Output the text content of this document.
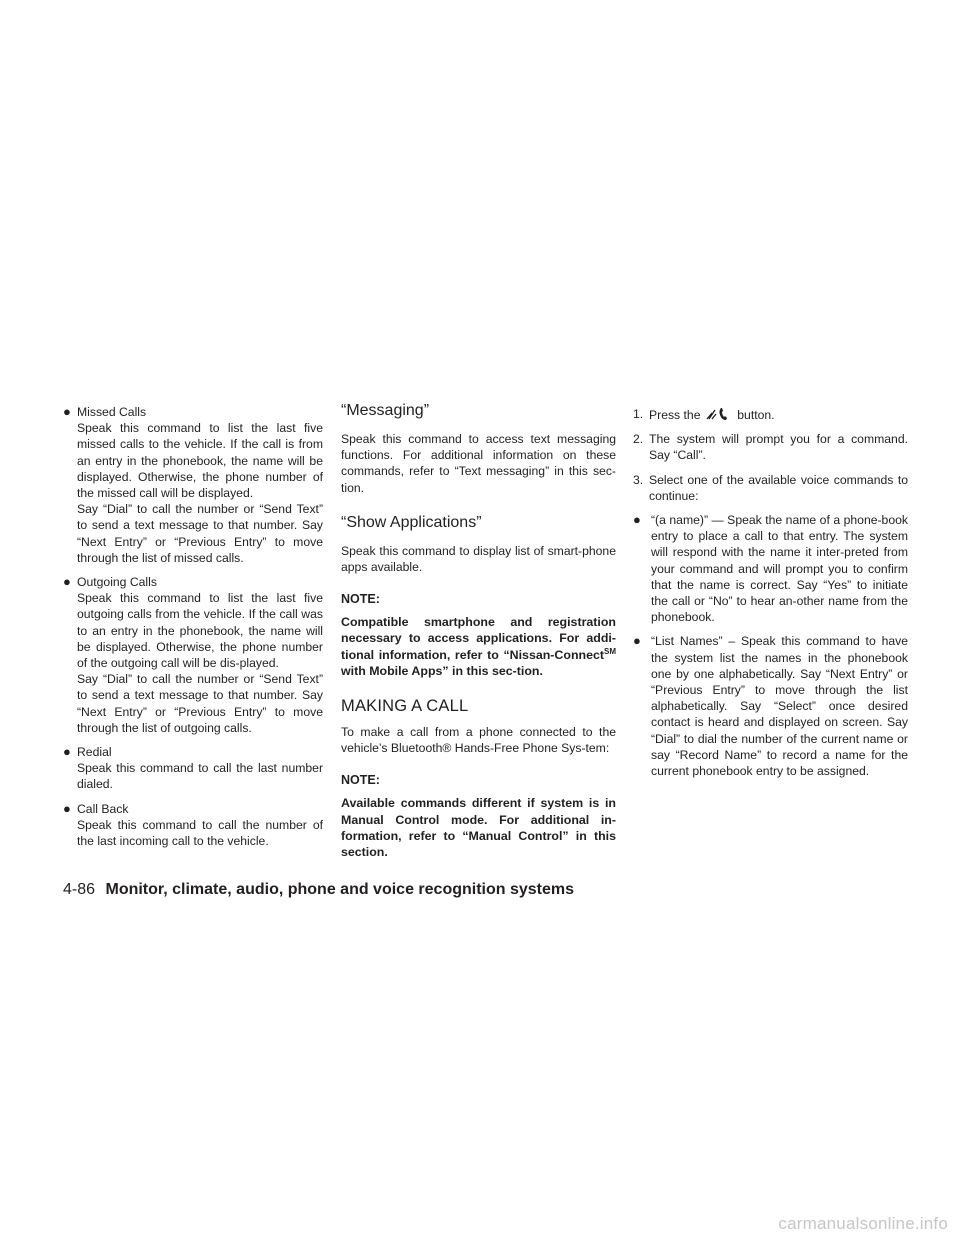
● Missed Calls

Speak this command to list the last five missed calls to the vehicle. If the call is from an entry in the phonebook, the name will be displayed. Otherwise, the phone number of the missed call will be displayed.

Say “Dial” to call the number or “Send Text” to send a text message to that number. Say “Next Entry” or “Previous Entry” to move through the list of missed calls.

● Outgoing Calls

Speak this command to list the last five outgoing calls from the vehicle. If the call was to an entry in the phonebook, the name will be displayed. Otherwise, the phone number of the outgoing call will be dis-played.

Say “Dial” to call the number or “Send Text” to send a text message to that number. Say “Next Entry” or “Previous Entry” to move through the list of outgoing calls.

● Redial

Speak this command to call the last number dialed.

● Call Back

Speak this command to call the number of the last incoming call to the vehicle.

“Messaging”

Speak this command to access text messaging functions. For additional information on these commands, refer to “Text messaging” in this sec-tion.

“Show Applications”

Speak this command to display list of smart-phone apps available.

NOTE:

Compatible smartphone and registration necessary to access applications. For addi-tional information, refer to “Nissan-Connect℠ with Mobile Apps” in this sec-tion.

MAKING A CALL

To make a call from a phone connected to the vehicle’s Bluetooth® Hands-Free Phone Sys-tem:

NOTE:

Available commands different if system is in Manual Control mode. For additional in-formation, refer to “Manual Control” in this section.

1. Press the	button.
2. The system will prompt you for a command. Say “Call”.
3. Select one of the available voice commands to continue:
● “(a name)” — Speak the name of a phone-book entry to place a call to that entry. The system will respond with the name it inter-preted from your command and will prompt you to confirm that the name is correct. Say “Yes” to initiate the call or “No” to hear an-other name from the phonebook.
● “List Names” – Speak this command to have the system list the names in the phonebook one by one alphabetically. Say “Next Entry” or “Previous Entry” to move through the list alphabetically. Say “Select” once desired contact is heard and displayed on screen. Say “Dial” to dial the number of the current name or say “Record Name” to record a name for the current phonebook entry to be assigned.
4-86 Monitor, climate, audio, phone and voice recognition systems
carmanualsonline.info
